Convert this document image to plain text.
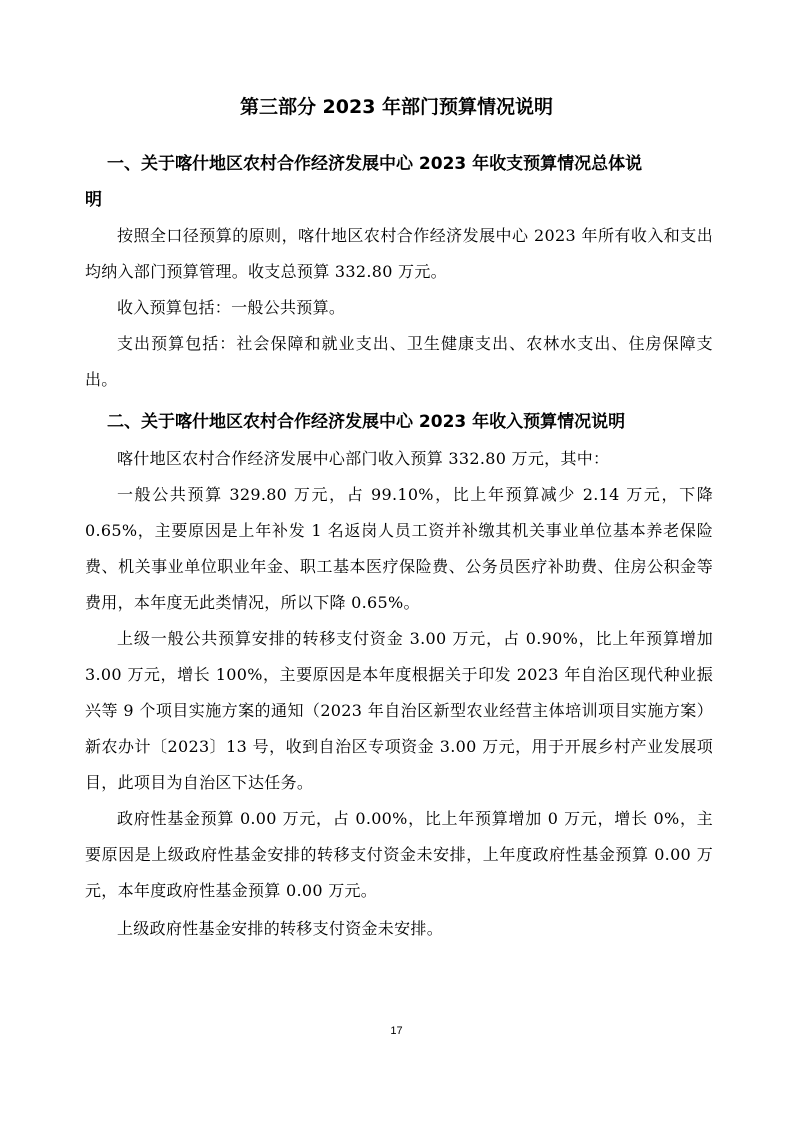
第三部分 2023 年部门预算情况说明
一、关于喀什地区农村合作经济发展中心 2023 年收支预算情况总体说
明
按照全口径预算的原则，喀什地区农村合作经济发展中心 2023 年所有收入和支出均纳入部门预算管理。收支总预算 332.80 万元。
收入预算包括：一般公共预算。
支出预算包括：社会保障和就业支出、卫生健康支出、农林水支出、住房保障支出。
二、关于喀什地区农村合作经济发展中心 2023 年收入预算情况说明
喀什地区农村合作经济发展中心部门收入预算 332.80 万元，其中：
一般公共预算 329.80 万元，占 99.10%，比上年预算减少 2.14 万元，下降 0.65%，主要原因是上年补发 1 名返岗人员工资并补缴其机关事业单位基本养老保险费、机关事业单位职业年金、职工基本医疗保险费、公务员医疗补助费、住房公积金等费用，本年度无此类情况，所以下降 0.65%。
上级一般公共预算安排的转移支付资金 3.00 万元，占 0.90%，比上年预算增加 3.00 万元，增长 100%，主要原因是本年度根据关于印发 2023 年自治区现代种业振兴等 9 个项目实施方案的通知（2023 年自治区新型农业经营主体培训项目实施方案）新农办计〔2023〕13 号，收到自治区专项资金 3.00 万元，用于开展乡村产业发展项目，此项目为自治区下达任务。
政府性基金预算 0.00 万元，占 0.00%，比上年预算增加 0 万元，增长 0%，主要原因是上级政府性基金安排的转移支付资金未安排，上年度政府性基金预算 0.00 万元，本年度政府性基金预算 0.00 万元。
上级政府性基金安排的转移支付资金未安排。
17
